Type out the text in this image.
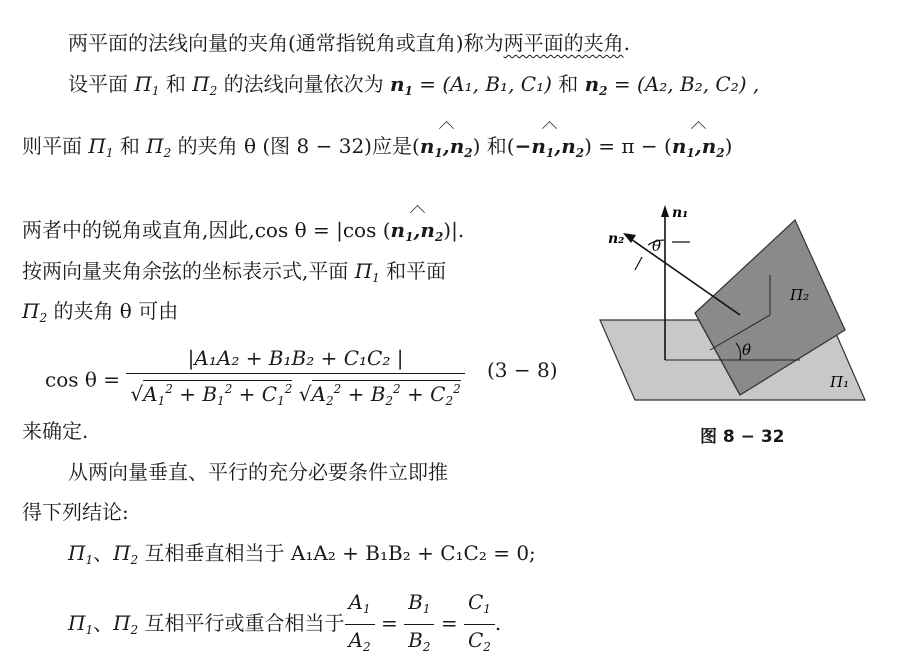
两平面的法线向量的夹角(通常指锐角或直角)称为两平面的夹角.
设平面 $\Pi_1$ 和 $\Pi_2$ 的法线向量依次为 $n_1 = (A_1$, B₁, C₁) 和 $n_2 = (A_2$, B₂, C₂) ,
则平面 $\Pi_1$ 和 $\Pi_2$ 的夹角 θ (图 8 − 32)应是$(n_1,n_2)$ 和$(-n_1,n_2) = \pi - (n_1,n_2)$
两者中的锐角或直角,因此,cos θ = |cos $(n_1,n_2)|$.
按两向量夹角余弦的坐标表示式,平面 $\Pi_1$ 和平面
$\Pi_2$ 的夹角 θ 可由
$\cos \theta = \frac{\text{|A₁A₂ + B₁B₂ + C₁C₂ |}}{√A_1^2 + B_1^2 + C_1^2 √A_2^2 + B_2^2 + C_2^2} (3 - 8)$
来确定.
从两向量垂直、平行的充分必要条件立即推
得下列结论:
$\Pi_1$、$\Pi_2$ 互相垂直相当于 A₁A₂ + B₁B₂ + C₁C₂ = 0;
$\Pi_1$、$\Pi_2$ 互相平行或重合相当于 $\frac{A_1}{A_2} = \frac{B_1}{B_2} = \frac{C_1}{C_2}$ .
n₁
n₂ θ
θ
Π₂
Π₁
图 8 − 32
